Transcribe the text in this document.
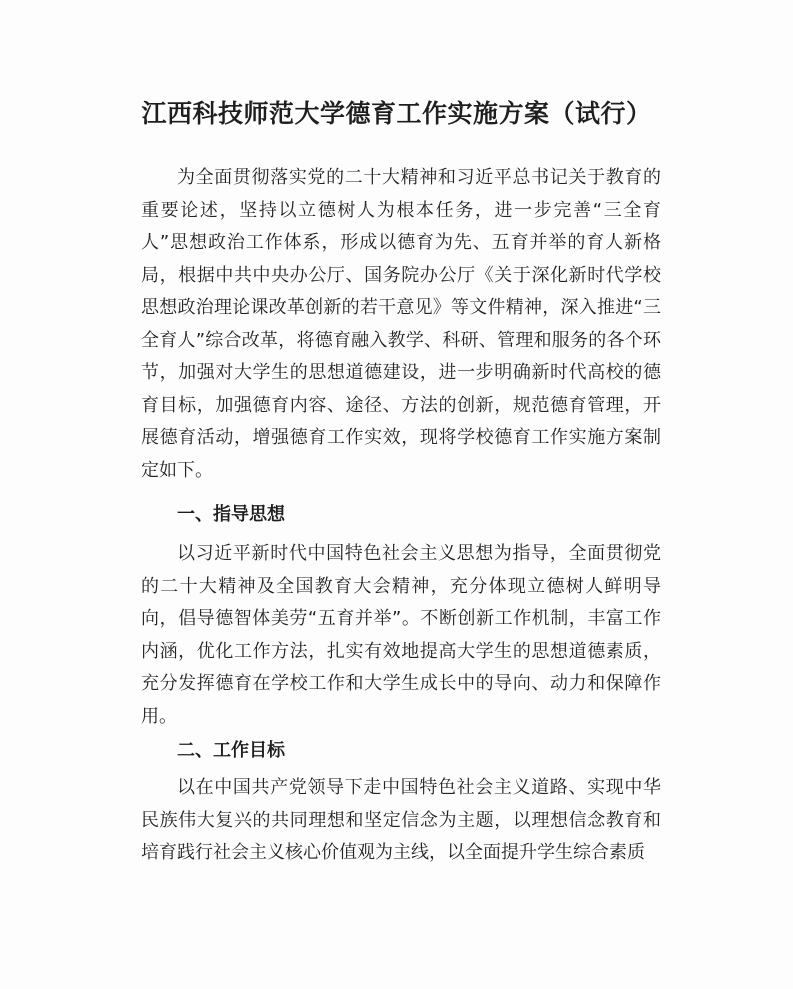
江西科技师范大学德育工作实施方案（试行）

为全面贯彻落实党的二十大精神和习近平总书记关于教育的重要论述，坚持以立德树人为根本任务，进一步完善“三全育人”思想政治工作体系，形成以德育为先、五育并举的育人新格局，根据中共中央办公厅、国务院办公厅《关于深化新时代学校思想政治理论课改革创新的若干意见》等文件精神，深入推进“三全育人”综合改革，将德育融入教学、科研、管理和服务的各个环节，加强对大学生的思想道德建设，进一步明确新时代高校的德育目标，加强德育内容、途径、方法的创新，规范德育管理，开展德育活动，增强德育工作实效，现将学校德育工作实施方案制定如下。

一、指导思想

以习近平新时代中国特色社会主义思想为指导，全面贯彻党的二十大精神及全国教育大会精神，充分体现立德树人鲜明导向，倡导德智体美劳“五育并举”。不断创新工作机制，丰富工作内涵，优化工作方法，扎实有效地提高大学生的思想道德素质，充分发挥德育在学校工作和大学生成长中的导向、动力和保障作用。

二、工作目标

以在中国共产党领导下走中国特色社会主义道路、实现中华民族伟大复兴的共同理想和坚定信念为主题，以理想信念教育和培育践行社会主义核心价值观为主线，以全面提升学生综合素质
